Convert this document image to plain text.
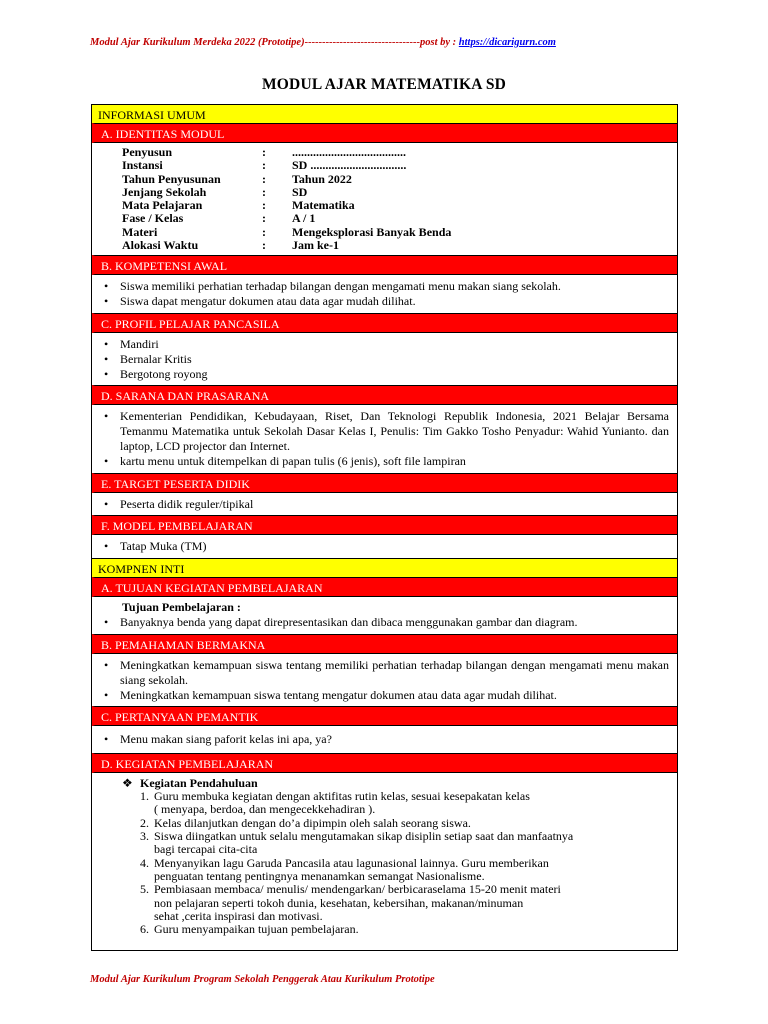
Modul Ajar Kurikulum Merdeka 2022 (Prototipe)---------------------------------post by : https://dicarigurn.com
MODUL AJAR MATEMATIKA SD
INFORMASI UMUM
A. IDENTITAS MODUL
Penyusun	:	......................................
Instansi	:	SD ................................
Tahun Penyusunan	:	Tahun 2022
Jenjang Sekolah	:	SD
Mata Pelajaran	:	Matematika
Fase / Kelas	:	A / 1
Materi	:	Mengeksplorasi Banyak Benda
Alokasi Waktu	:	Jam ke-1
B. KOMPETENSI AWAL
• Siswa memiliki perhatian terhadap bilangan dengan mengamati menu makan siang sekolah.
• Siswa dapat mengatur dokumen atau data agar mudah dilihat.
C. PROFIL PELAJAR PANCASILA
• Mandiri
• Bernalar Kritis
• Bergotong royong
D. SARANA DAN PRASARANA
• Kementerian Pendidikan, Kebudayaan, Riset, Dan Teknologi Republik Indonesia, 2021 Belajar Bersama Temanmu Matematika untuk Sekolah Dasar Kelas I, Penulis: Tim Gakko Tosho Penyadur: Wahid Yunianto. dan laptop, LCD projector dan Internet.
• kartu menu untuk ditempelkan di papan tulis (6 jenis), soft file lampiran
E. TARGET PESERTA DIDIK
• Peserta didik reguler/tipikal
F. MODEL PEMBELAJARAN
• Tatap Muka (TM)
KOMPNEN INTI
A. TUJUAN KEGIATAN PEMBELAJARAN
Tujuan Pembelajaran :
• Banyaknya benda yang dapat direpresentasikan dan dibaca menggunakan gambar dan diagram.
B. PEMAHAMAN BERMAKNA
• Meningkatkan kemampuan siswa tentang memiliki perhatian terhadap bilangan dengan mengamati menu makan siang sekolah.
• Meningkatkan kemampuan siswa tentang mengatur dokumen atau data agar mudah dilihat.
C. PERTANYAAN PEMANTIK
• Menu makan siang paforit kelas ini apa, ya?
D. KEGIATAN PEMBELAJARAN
❖ Kegiatan Pendahuluan
1. Guru membuka kegiatan dengan aktifitas rutin kelas, sesuai kesepakatan kelas
( menyapa, berdoa, dan mengecekkehadiran ).
2. Kelas dilanjutkan dengan do’a dipimpin oleh salah seorang siswa.
3. Siswa diingatkan untuk selalu mengutamakan sikap disiplin setiap saat dan manfaatnya
bagi tercapai cita-cita
4. Menyanyikan lagu Garuda Pancasila atau lagunasional lainnya. Guru memberikan
penguatan tentang pentingnya menanamkan semangat Nasionalisme.
5. Pembiasaan membaca/ menulis/ mendengarkan/ berbicaraselama 15-20 menit materi
non pelajaran seperti tokoh dunia, kesehatan, kebersihan, makanan/minuman
sehat ,cerita inspirasi dan motivasi.
6. Guru menyampaikan tujuan pembelajaran.
Modul Ajar Kurikulum Program Sekolah Penggerak Atau Kurikulum Prototipe
